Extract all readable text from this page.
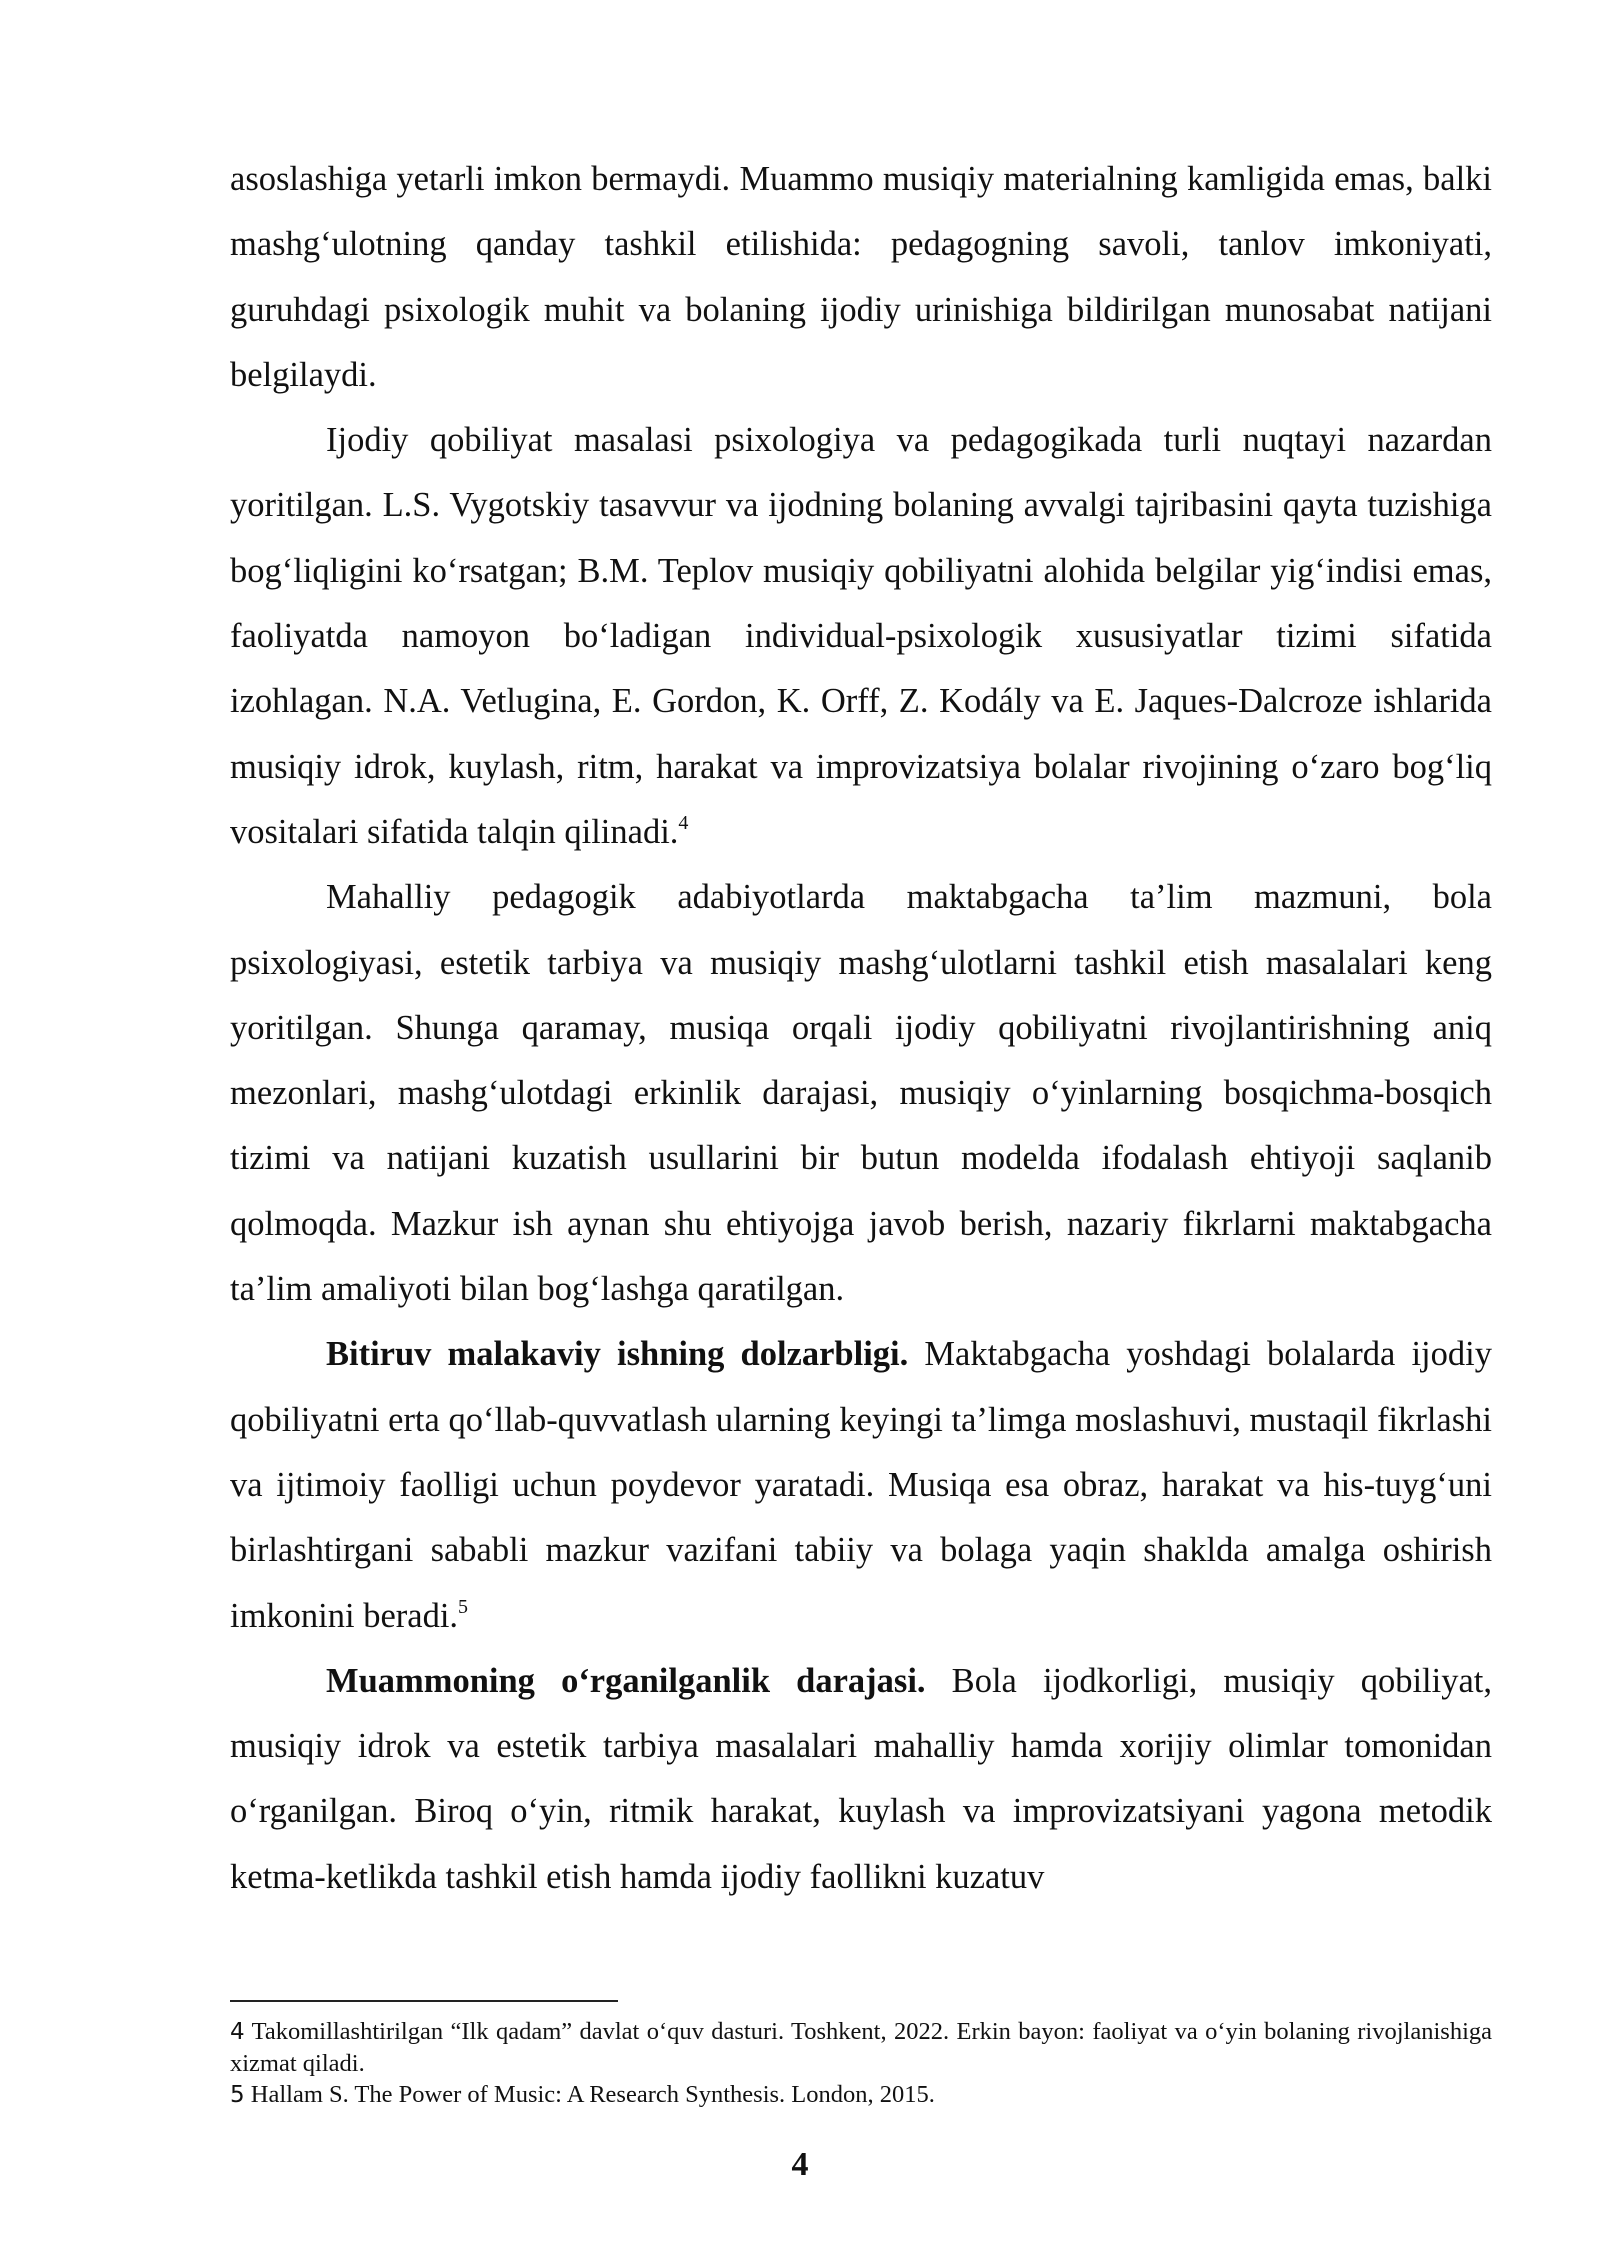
asoslashiga yetarli imkon bermaydi. Muammo musiqiy materialning kamligida emas, balki mashg‘ulotning qanday tashkil etilishida: pedagogning savoli, tanlov imkoniyati, guruhdagi psixologik muhit va bolaning ijodiy urinishiga bildirilgan munosabat natijani belgilaydi.

Ijodiy qobiliyat masalasi psixologiya va pedagogikada turli nuqtayi nazardan yoritilgan. L.S. Vygotskiy tasavvur va ijodning bolaning avvalgi tajribasini qayta tuzishiga bog‘liqligini ko‘rsatgan; B.M. Teplov musiqiy qobiliyatni alohida belgilar yig‘indisi emas, faoliyatda namoyon bo‘ladigan individual-psixologik xususiyatlar tizimi sifatida izohlagan. N.A. Vetlugina, E. Gordon, K. Orff, Z. Kodály va E. Jaques-Dalcroze ishlarida musiqiy idrok, kuylash, ritm, harakat va improvizatsiya bolalar rivojining o‘zaro bog‘liq vositalari sifatida talqin qilinadi.$^4$

Mahalliy pedagogik adabiyotlarda maktabgacha ta’lim mazmuni, bola psixologiyasi, estetik tarbiya va musiqiy mashg‘ulotlarni tashkil etish masalalari keng yoritilgan. Shunga qaramay, musiqa orqali ijodiy qobiliyatni rivojlantirishning aniq mezonlari, mashg‘ulotdagi erkinlik darajasi, musiqiy o‘yinlarning bosqichma-bosqich tizimi va natijani kuzatish usullarini bir butun modelda ifodalash ehtiyoji saqlanib qolmoqda. Mazkur ish aynan shu ehtiyojga javob berish, nazariy fikrlarni maktabgacha ta’lim amaliyoti bilan bog‘lashga qaratilgan.

Bitiruv malakaviy ishning dolzarbligi. Maktabgacha yoshdagi bolalarda ijodiy qobiliyatni erta qo‘llab-quvvatlash ularning keyingi ta’limga moslashuvi, mustaqil fikrlashi va ijtimoiy faolligi uchun poydevor yaratadi. Musiqa esa obraz, harakat va his-tuyg‘uni birlashtirgani sababli mazkur vazifani tabiiy va bolaga yaqin shaklda amalga oshirish imkonini beradi.$^5$

Muammoning o‘rganilganlik darajasi. Bola ijodkorligi, musiqiy qobiliyat, musiqiy idrok va estetik tarbiya masalalari mahalliy hamda xorijiy olimlar tomonidan o‘rganilgan. Biroq o‘yin, ritmik harakat, kuylash va improvizatsiyani yagona metodik ketma-ketlikda tashkil etish hamda ijodiy faollikni kuzatuv

4 Takomillashtirilgan “Ilk qadam” davlat o‘quv dasturi. Toshkent, 2022. Erkin bayon: faoliyat va o‘yin bolaning rivojlanishiga xizmat qiladi.

5 Hallam S. The Power of Music: A Research Synthesis. London, 2015.

4
